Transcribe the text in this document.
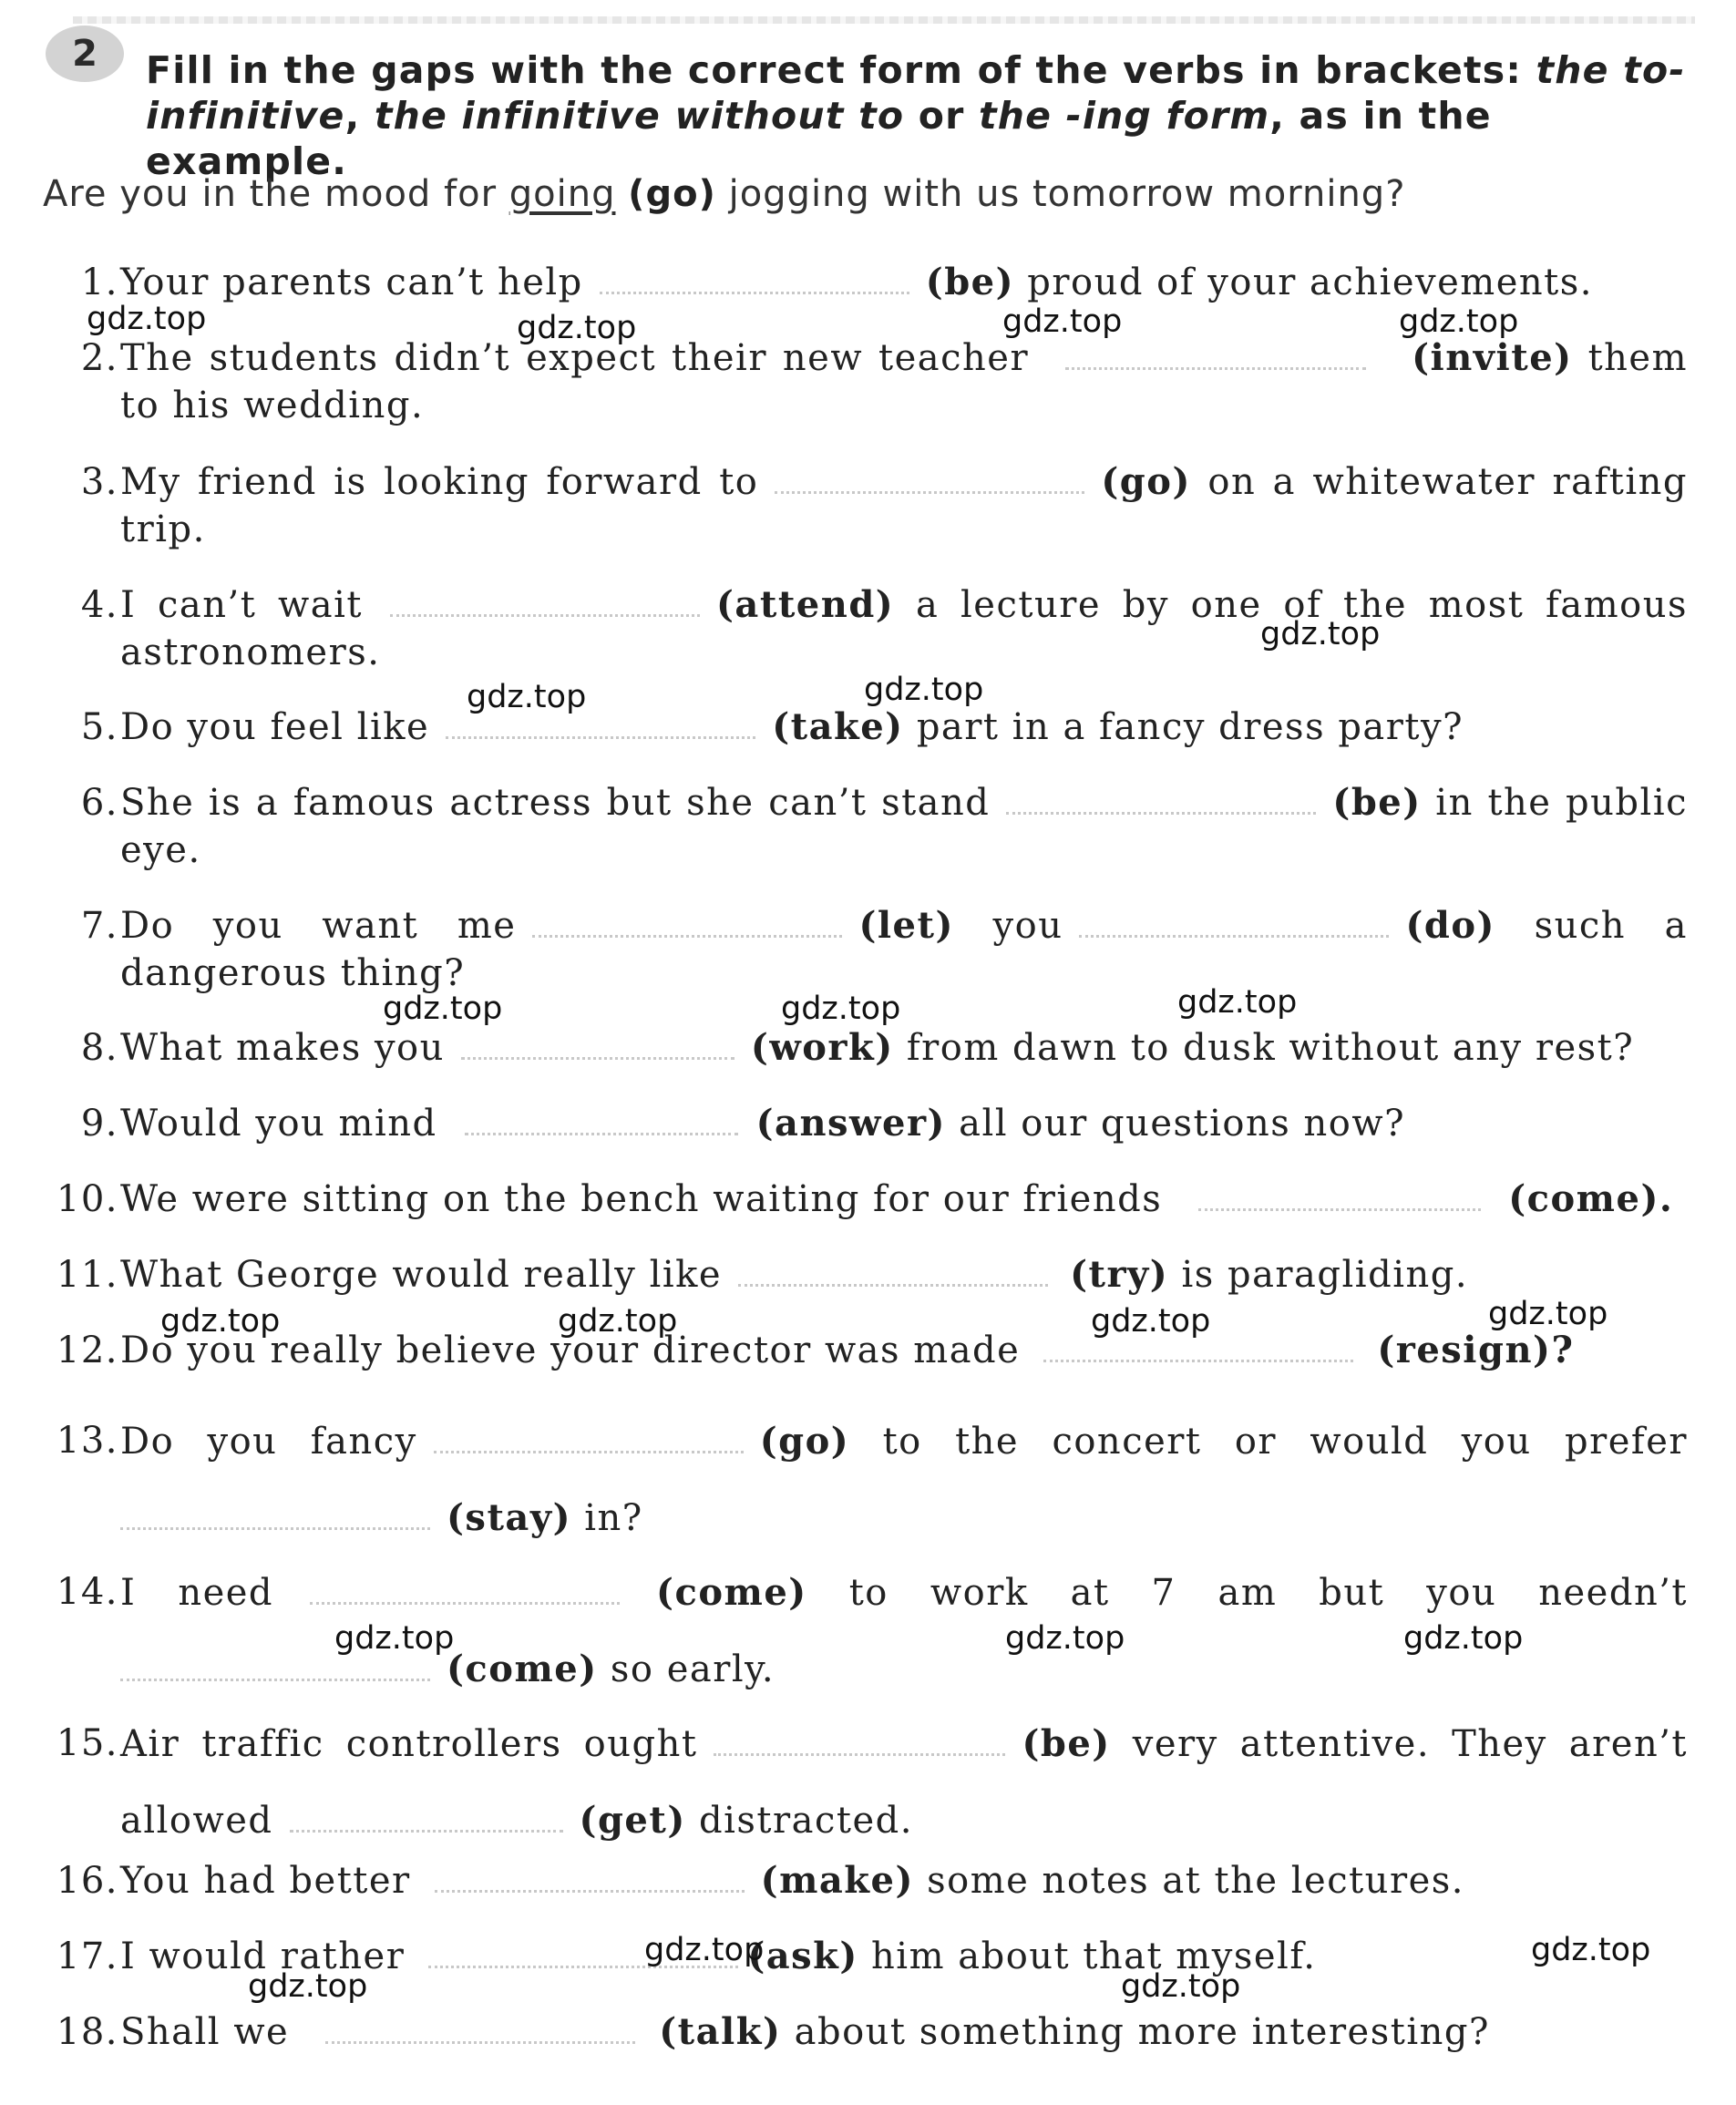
2	Fill in the gaps with the correct form of the verbs in brackets: the to-infinitive, the infinitive without to or the -ing form, as in the example.
Are you in the mood for going (go) jogging with us tomorrow morning?
1. Your parents can’t help	(be) proud of your achievements.
2. The students didn’t expect their new teacher	(invite) them to his wedding.
3. My friend is looking forward to	(go) on a whitewater rafting trip.
4. I can’t wait	(attend) a lecture by one of the most famous astronomers.
5. Do you feel like	(take) part in a fancy dress party?
6. She is a famous actress but she can’t stand	(be) in the public eye.
7. Do you want me	(let) you	(do) such a dangerous thing?
8. What makes you	(work) from dawn to dusk without any rest?
9. Would you mind	(answer) all our questions now?
10. We were sitting on the bench waiting for our friends	(come).
11. What George would really like	(try) is paragliding.
12. Do you really believe your director was made	(resign)?
13. Do you fancy	(go) to the concert or would you prefer(stay) in?
14. I need	(come) to work at 7 am but you needn’t(come) so early.
15. Air traffic controllers ought	(be) very attentive. They aren’t allowed	(get) distracted.
16. You had better	(make) some notes at the lectures.
17. I would rather	(ask) him about that myself.
18. Shall we	(talk) about something more interesting?
gdz.top	gdz.top	gdz.top	gdz.top
gdz.top
gdz.top	gdz.top
gdz.top	gdz.top	gdz.top
gdz.top	gdz.top	gdz.top	gdz.top
gdz.top	gdz.top	gdz.top
gdz.top	gdz.top
gdz.top	gdz.top
